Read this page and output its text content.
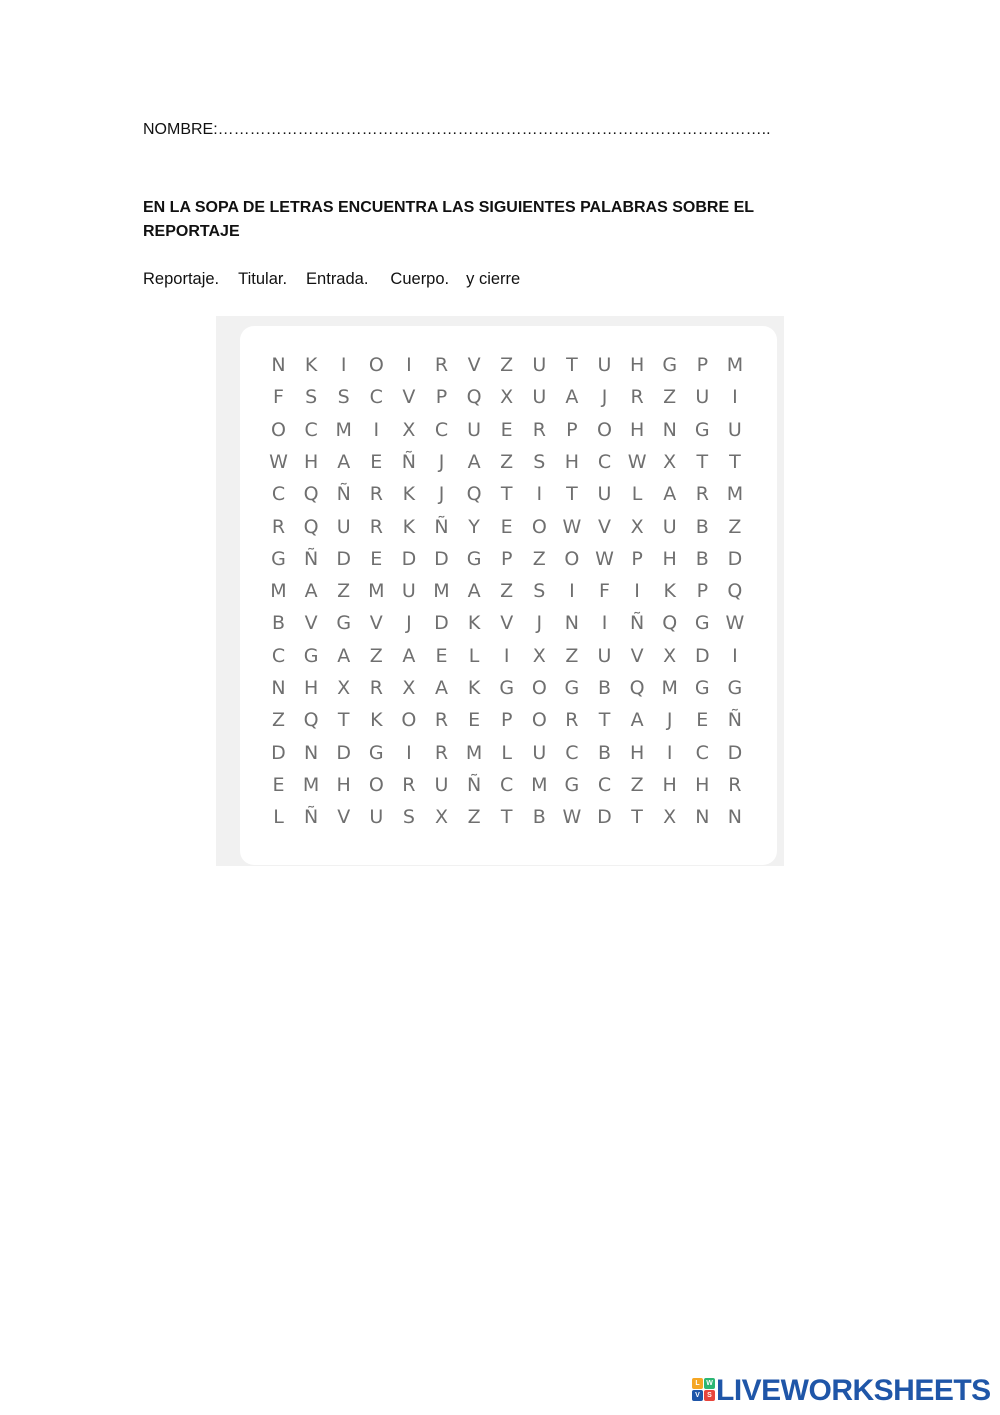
NOMBRE:…………………………………………………………………………………………..
EN LA SOPA DE LETRAS ENCUENTRA LAS SIGUIENTES PALABRAS SOBRE EL REPORTAJE
Reportaje. Titular. Entrada. Cuerpo. y cierre
N	K	I	O	I	R	V	Z	U	T	U H G	P M
F	S	S	C	V	P	Q X	U	A	J	R	Z	U	I
O C M	I	X	C U	E	R	P	O H N G U
W H A	E	Ñ	J	A	Z	S	H C W X	T	T
C Q Ñ R	K	J	Q	T	I	T	U	L	A	R M
R Q U	R	K	Ñ	Y	E	O W V	X	U	B	Z
G Ñ D	E	D D G	P	Z O W P	H B D
M A	Z M U M A	Z	S	I	F	I	K	P	Q
B	V G V	J	D	K	V	J	N	I	Ñ Q G W
C G A	Z	A	E	L	I	X	Z	U	V	X D	I
N H X	R	X	A	K G O G B Q M G G
Z Q	T	K O R	E	P	O R	T	A	J	E	Ñ
D N D G	I	R M	L	U	C	B H	I	C D
E M H O R	U Ñ C M G C	Z H H R
L	Ñ V	U	S	X	Z	T	B W D	T	X N N
L W
V	S LIVEWORKSHEETS
